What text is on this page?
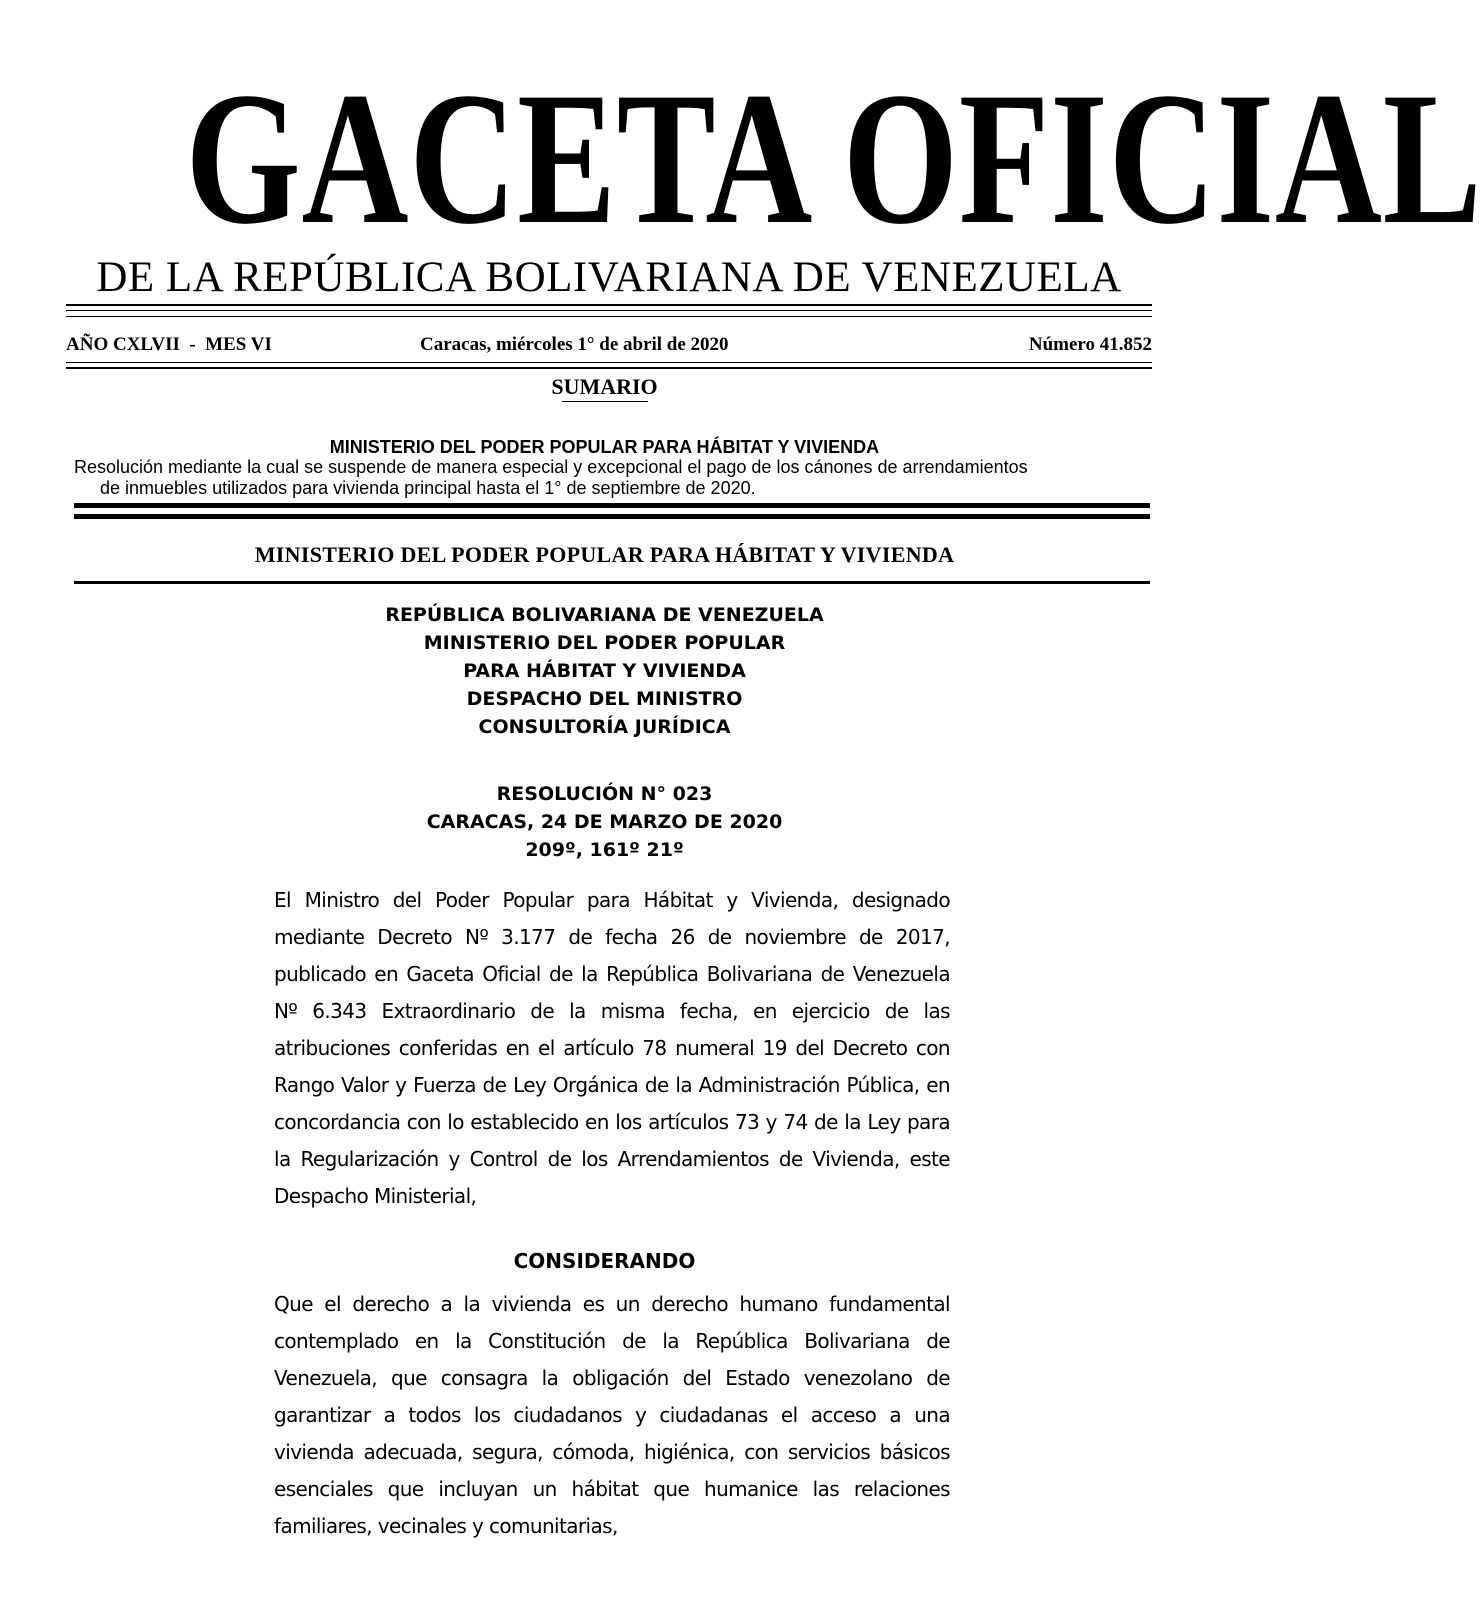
GACETA OFICIAL
DE LA REPÚBLICA BOLIVARIANA DE VENEZUELA
AÑO CXLVII  -  MES VI	Caracas, miércoles 1° de abril de 2020	Número 41.852
SUMARIO
MINISTERIO DEL PODER POPULAR PARA HÁBITAT Y VIVIENDA
Resolución mediante la cual se suspende de manera especial y excepcional el pago de los cánones de arrendamientos
de inmuebles utilizados para vivienda principal hasta el 1° de septiembre de 2020.
MINISTERIO DEL PODER POPULAR PARA HÁBITAT Y VIVIENDA
REPÚBLICA BOLIVARIANA DE VENEZUELA
MINISTERIO DEL PODER POPULAR
PARA HÁBITAT Y VIVIENDA
DESPACHO DEL MINISTRO
CONSULTORÍA JURÍDICA
RESOLUCIÓN N° 023
CARACAS, 24 DE MARZO DE 2020
209º, 161º 21º
El Ministro del Poder Popular para Hábitat y Vivienda, designado mediante Decreto Nº 3.177 de fecha 26 de noviembre de 2017, publicado en Gaceta Oficial de la República Bolivariana de Venezuela Nº 6.343 Extraordinario de la misma fecha, en ejercicio de las atribuciones conferidas en el artículo 78 numeral 19 del Decreto con Rango Valor y Fuerza de Ley Orgánica de la Administración Pública, en concordancia con lo establecido en los artículos 73 y 74 de la Ley para la Regularización y Control de los Arrendamientos de Vivienda, este Despacho Ministerial,
CONSIDERANDO
Que el derecho a la vivienda es un derecho humano fundamental contemplado en la Constitución de la República Bolivariana de Venezuela, que consagra la obligación del Estado venezolano de garantizar a todos los ciudadanos y ciudadanas el acceso a una vivienda adecuada, segura, cómoda, higiénica, con servicios básicos esenciales que incluyan un hábitat que humanice las relaciones familiares, vecinales y comunitarias,
